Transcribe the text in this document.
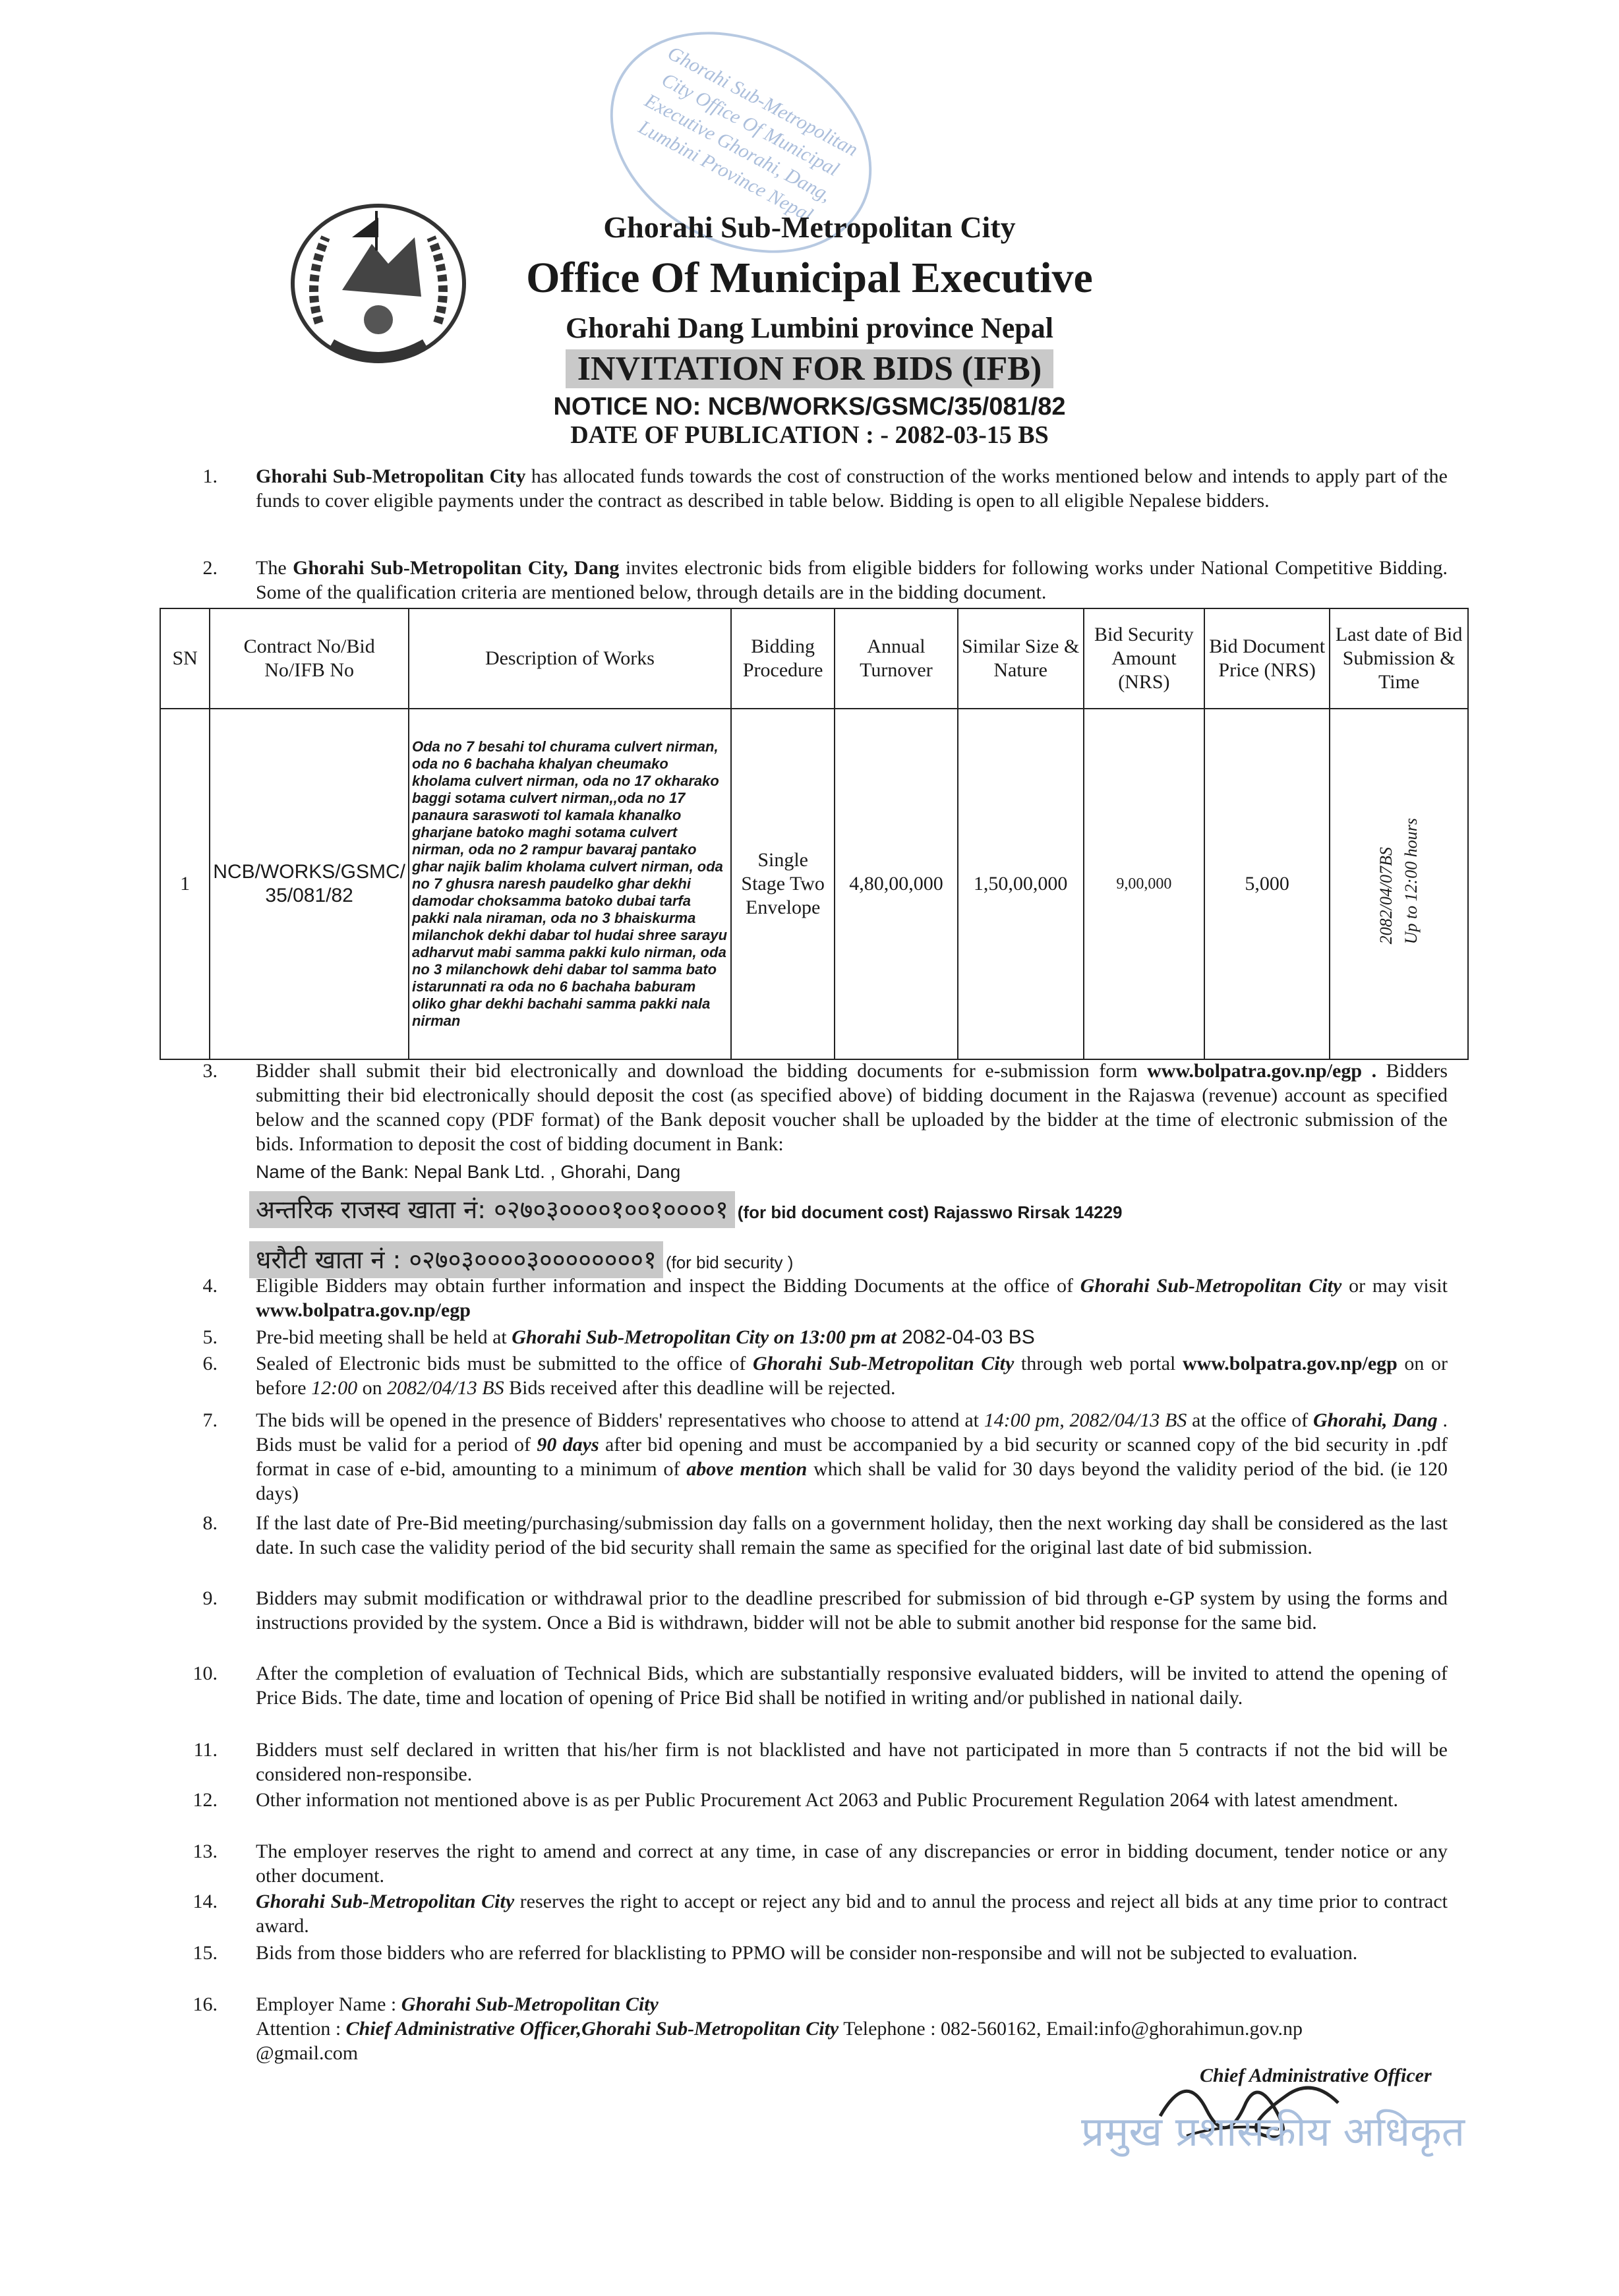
Ghorahi Sub-Metropolitan City Office Of Municipal Executive Ghorahi, Dang, Lumbini Province Nepal
Ghorahi Sub-Metropolitan City
Office Of Municipal Executive
Ghorahi Dang Lumbini province Nepal
INVITATION FOR BIDS (IFB)
NOTICE NO: NCB/WORKS/GSMC/35/081/82
DATE OF PUBLICATION : - 2082-03-15 BS
1. Ghorahi Sub-Metropolitan City has allocated funds towards the cost of construction of the works mentioned below and intends to apply part of the funds to cover eligible payments under the contract as described in table below. Bidding is open to all eligible Nepalese bidders.
2. The Ghorahi Sub-Metropolitan City, Dang invites electronic bids from eligible bidders for following works under National Competitive Bidding. Some of the qualification criteria are mentioned below, through details are in the bidding document.
SN	Contract No/Bid No/IFB No	Description of Works	Bidding Procedure	Annual Turnover	Similar Size & Nature	Bid Security Amount (NRS)	Bid Document Price (NRS)	Last date of Bid Submission & Time
1	NCB/WORKS/GSMC/ 35/081/82	Oda no 7 besahi tol churama culvert nirman, oda no 6 bachaha khalyan cheumako kholama culvert nirman, oda no 17 okharako baggi sotama culvert nirman,,oda no 17 panaura saraswoti tol kamala khanalko gharjane batoko maghi sotama culvert nirman, oda no 2 rampur bavaraj pantako ghar najik balim kholama culvert nirman, oda no 7 ghusra naresh paudelko ghar dekhi damodar choksamma batoko dubai tarfa pakki nala niraman, oda no 3 bhaiskurma milanchok dekhi dabar tol hudai shree sarayu adharvut mabi samma pakki kulo nirman, oda no 3 milanchowk dehi dabar tol samma bato istarunnati ra oda no 6 bachaha baburam oliko ghar dekhi bachahi samma pakki nala nirman	Single Stage Two Envelope	4,80,00,000	1,50,00,000	9,00,000	5,000	2082/04/07BS Up to 12:00 hours
3. Bidder shall submit their bid electronically and download the bidding documents for e-submission form www.bolpatra.gov.np/egp . Bidders submitting their bid electronically should deposit the cost (as specified above) of bidding document in the Rajaswa (revenue) account as specified below and the scanned copy (PDF format) of the Bank deposit voucher shall be uploaded by the bidder at the time of electronic submission of the bids. Information to deposit the cost of bidding document in Bank:
Name of the Bank: Nepal Bank Ltd. , Ghorahi, Dang
अन्तरिक राजस्व खाता नं: ०२७०३००००१००१००००१ (for bid document cost) Rajasswo Rirsak 14229
धरौटी खाता नं : ०२७०३००००३००००००००१ (for bid security )
4. Eligible Bidders may obtain further information and inspect the Bidding Documents at the office of Ghorahi Sub-Metropolitan City or may visit www.bolpatra.gov.np/egp
5. Pre-bid meeting shall be held at Ghorahi Sub-Metropolitan City on 13:00 pm at 2082-04-03 BS
6. Sealed of Electronic bids must be submitted to the office of Ghorahi Sub-Metropolitan City through web portal www.bolpatra.gov.np/egp on or before 12:00 on 2082/04/13 BS Bids received after this deadline will be rejected.
7. The bids will be opened in the presence of Bidders' representatives who choose to attend at 14:00 pm, 2082/04/13 BS at the office of Ghorahi, Dang . Bids must be valid for a period of 90 days after bid opening and must be accompanied by a bid security or scanned copy of the bid security in .pdf format in case of e-bid, amounting to a minimum of above mention which shall be valid for 30 days beyond the validity period of the bid. (ie 120 days)
8. If the last date of Pre-Bid meeting/purchasing/submission day falls on a government holiday, then the next working day shall be considered as the last date. In such case the validity period of the bid security shall remain the same as specified for the original last date of bid submission.
9. Bidders may submit modification or withdrawal prior to the deadline prescribed for submission of bid through e-GP system by using the forms and instructions provided by the system. Once a Bid is withdrawn, bidder will not be able to submit another bid response for the same bid.
10. After the completion of evaluation of Technical Bids, which are substantially responsive evaluated bidders, will be invited to attend the opening of Price Bids. The date, time and location of opening of Price Bid shall be notified in writing and/or published in national daily.
11. Bidders must self declared in written that his/her firm is not blacklisted and have not participated in more than 5 contracts if not the bid will be considered non-responsibe.
12. Other information not mentioned above is as per Public Procurement Act 2063 and Public Procurement Regulation 2064 with latest amendment.
13. The employer reserves the right to amend and correct at any time, in case of any discrepancies or error in bidding document, tender notice or any other document.
14. Ghorahi Sub-Metropolitan City reserves the right to accept or reject any bid and to annul the process and reject all bids at any time prior to contract award.
15. Bids from those bidders who are referred for blacklisting to PPMO will be consider non-responsibe and will not be subjected to evaluation.
16. Employer Name : Ghorahi Sub-Metropolitan City
Attention : Chief Administrative Officer,Ghorahi Sub-Metropolitan City Telephone : 082-560162, Email:info@ghorahimun.gov.np
@gmail.com
Chief Administrative Officer
प्रमुख प्रशासकीय अधिकृत
